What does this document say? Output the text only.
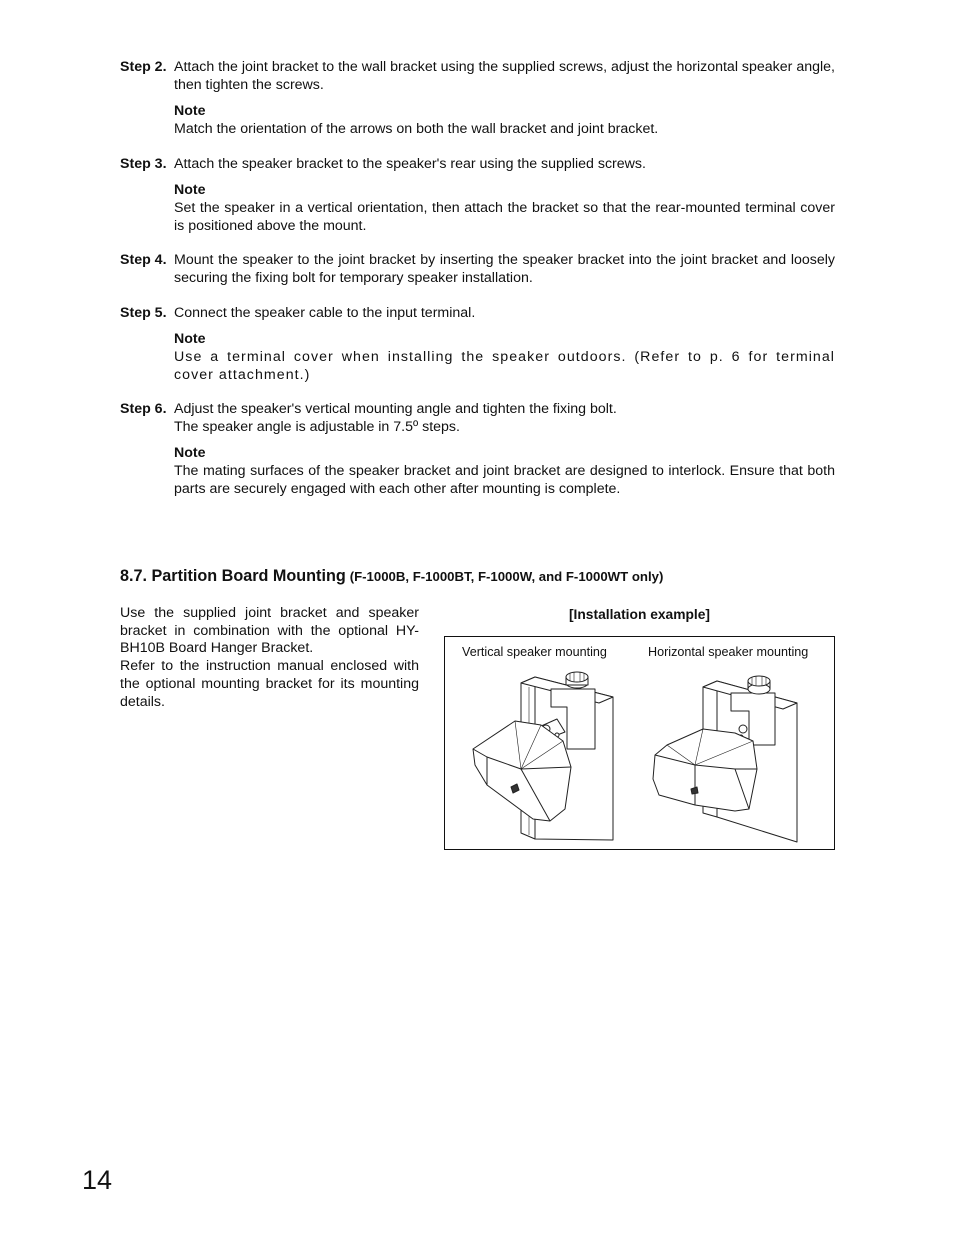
Step 2. Attach the joint bracket to the wall bracket using the supplied screws, adjust the horizontal speaker angle, then tighten the screws.
Note
Match the orientation of the arrows on both the wall bracket and joint bracket.
Step 3. Attach the speaker bracket to the speaker's rear using the supplied screws.
Note
Set the speaker in a vertical orientation, then attach the bracket so that the rear-mounted terminal cover is positioned above the mount.
Step 4. Mount the speaker to the joint bracket by inserting the speaker bracket into the joint bracket and loosely securing the fixing bolt for temporary speaker installation.
Step 5. Connect the speaker cable to the input terminal.
Note
Use a terminal cover when installing the speaker outdoors. (Refer to p. 6 for terminal cover attachment.)
Step 6. Adjust the speaker's vertical mounting angle and tighten the fixing bolt.
The speaker angle is adjustable in 7.5º steps.
Note
The mating surfaces of the speaker bracket and joint bracket are designed to interlock. Ensure that both parts are securely engaged with each other after mounting is complete.
8.7. Partition Board Mounting (F-1000B, F-1000BT, F-1000W, and F-1000WT only)

Use the supplied joint bracket and speaker bracket in combination with the optional HY-BH10B Board Hanger Bracket.

Refer to the instruction manual enclosed with the optional mounting bracket for its mounting details.

[Installation example]
Vertical speaker mounting	Horizontal speaker mounting
14
